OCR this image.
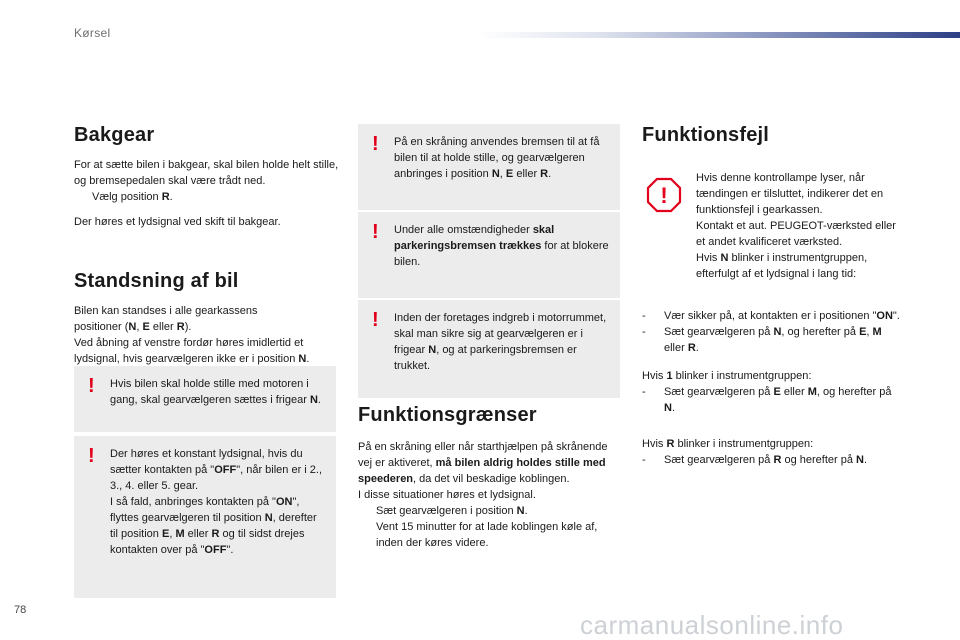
Kørsel
Bakgear

For at sætte bilen i bakgear, skal bilen holde helt stille, og bremsepedalen skal være trådt ned.

Vælg position R.

Der høres et lydsignal ved skift til bakgear.

Standsning af bil

Bilen kan standses i alle gearkassens
positioner (N, E eller R).
Ved åbning af venstre fordør høres imidlertid et lydsignal, hvis gearvælgeren ikke er i position N.

! Hvis bilen skal holde stille med motoren i gang, skal gearvælgeren sættes i frigear N.
! Der høres et konstant lydsignal, hvis du sætter kontakten på "OFF", når bilen er i 2., 3., 4. eller 5. gear.
I så fald, anbringes kontakten på "ON", flyttes gearvælgeren til position N, derefter til position E, M eller R og til sidst drejes kontakten over på "OFF".
! På en skråning anvendes bremsen til at få bilen til at holde stille, og gearvælgeren anbringes i position N, E eller R.
! Under alle omstændigheder skal parkeringsbremsen trækkes for at blokere bilen.
! Inden der foretages indgreb i motorrummet, skal man sikre sig at gearvælgeren er i frigear N, og at parkeringsbremsen er trukket.
Funktionsgrænser

På en skråning eller når starthjælpen på skrånende vej er aktiveret, må bilen aldrig holdes stille med speederen, da det vil beskadige koblingen.

I disse situationer høres et lydsignal.

Sæt gearvælgeren i position N.
Vent 15 minutter for at lade koblingen køle af, inden der køres videre.
Funktionsfejl
!

Hvis denne kontrollampe lyser, når tændingen er tilsluttet, indikerer det en funktionsfejl i gearkassen.

Kontakt et aut. PEUGEOT-værksted eller et andet kvalificeret værksted.

Hvis N blinker i instrumentgruppen, efterfulgt af et lydsignal i lang tid:

-	Vær sikker på, at kontakten er i positionen "ON".
-	Sæt gearvælgeren på N, og herefter på E, M eller R.

Hvis 1 blinker i instrumentgruppen:

-	Sæt gearvælgeren på E eller M, og herefter på N.

Hvis R blinker i instrumentgruppen:

-	Sæt gearvælgeren på R og herefter på N.
78	carmanualsonline.info
